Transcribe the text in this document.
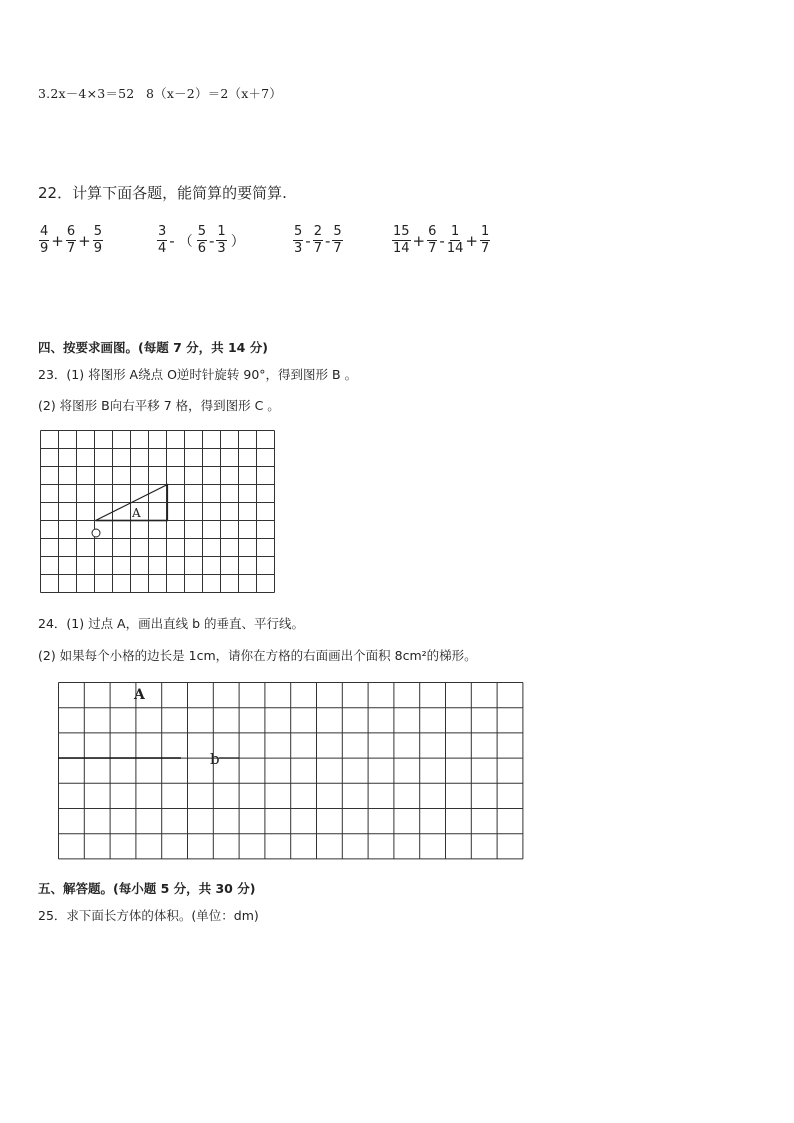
3.2x－4×3＝52 8（x－2）＝2（x＋7）
22．计算下面各题，能简算的要简算.
$\frac{4}{9} + \frac{6}{7} + \frac{5}{9}$	$\frac{3}{4}$ - （ $\frac{5}{6} - \frac{1}{3}$ ）	$\frac{5}{3} - \frac{2}{7} - \frac{5}{7}$	$\frac{15}{14} + \frac{6}{7} - \frac{1}{14} + \frac{1}{7}$
四、按要求画图。(每题 7 分，共 14 分)
23．(1) 将图形 A绕点 O逆时针旋转 90°，得到图形 B 。
(2) 将图形 B向右平移 7 格，得到图形 C 。
A
24．(1) 过点 A，画出直线 b 的垂直、平行线。
(2) 如果每个小格的边长是 1cm，请你在方格的右面画出个面积 8cm²的梯形。
b
A
五、解答题。(每小题 5 分，共 30 分)
25．求下面长方体的体积。(单位：dm)
